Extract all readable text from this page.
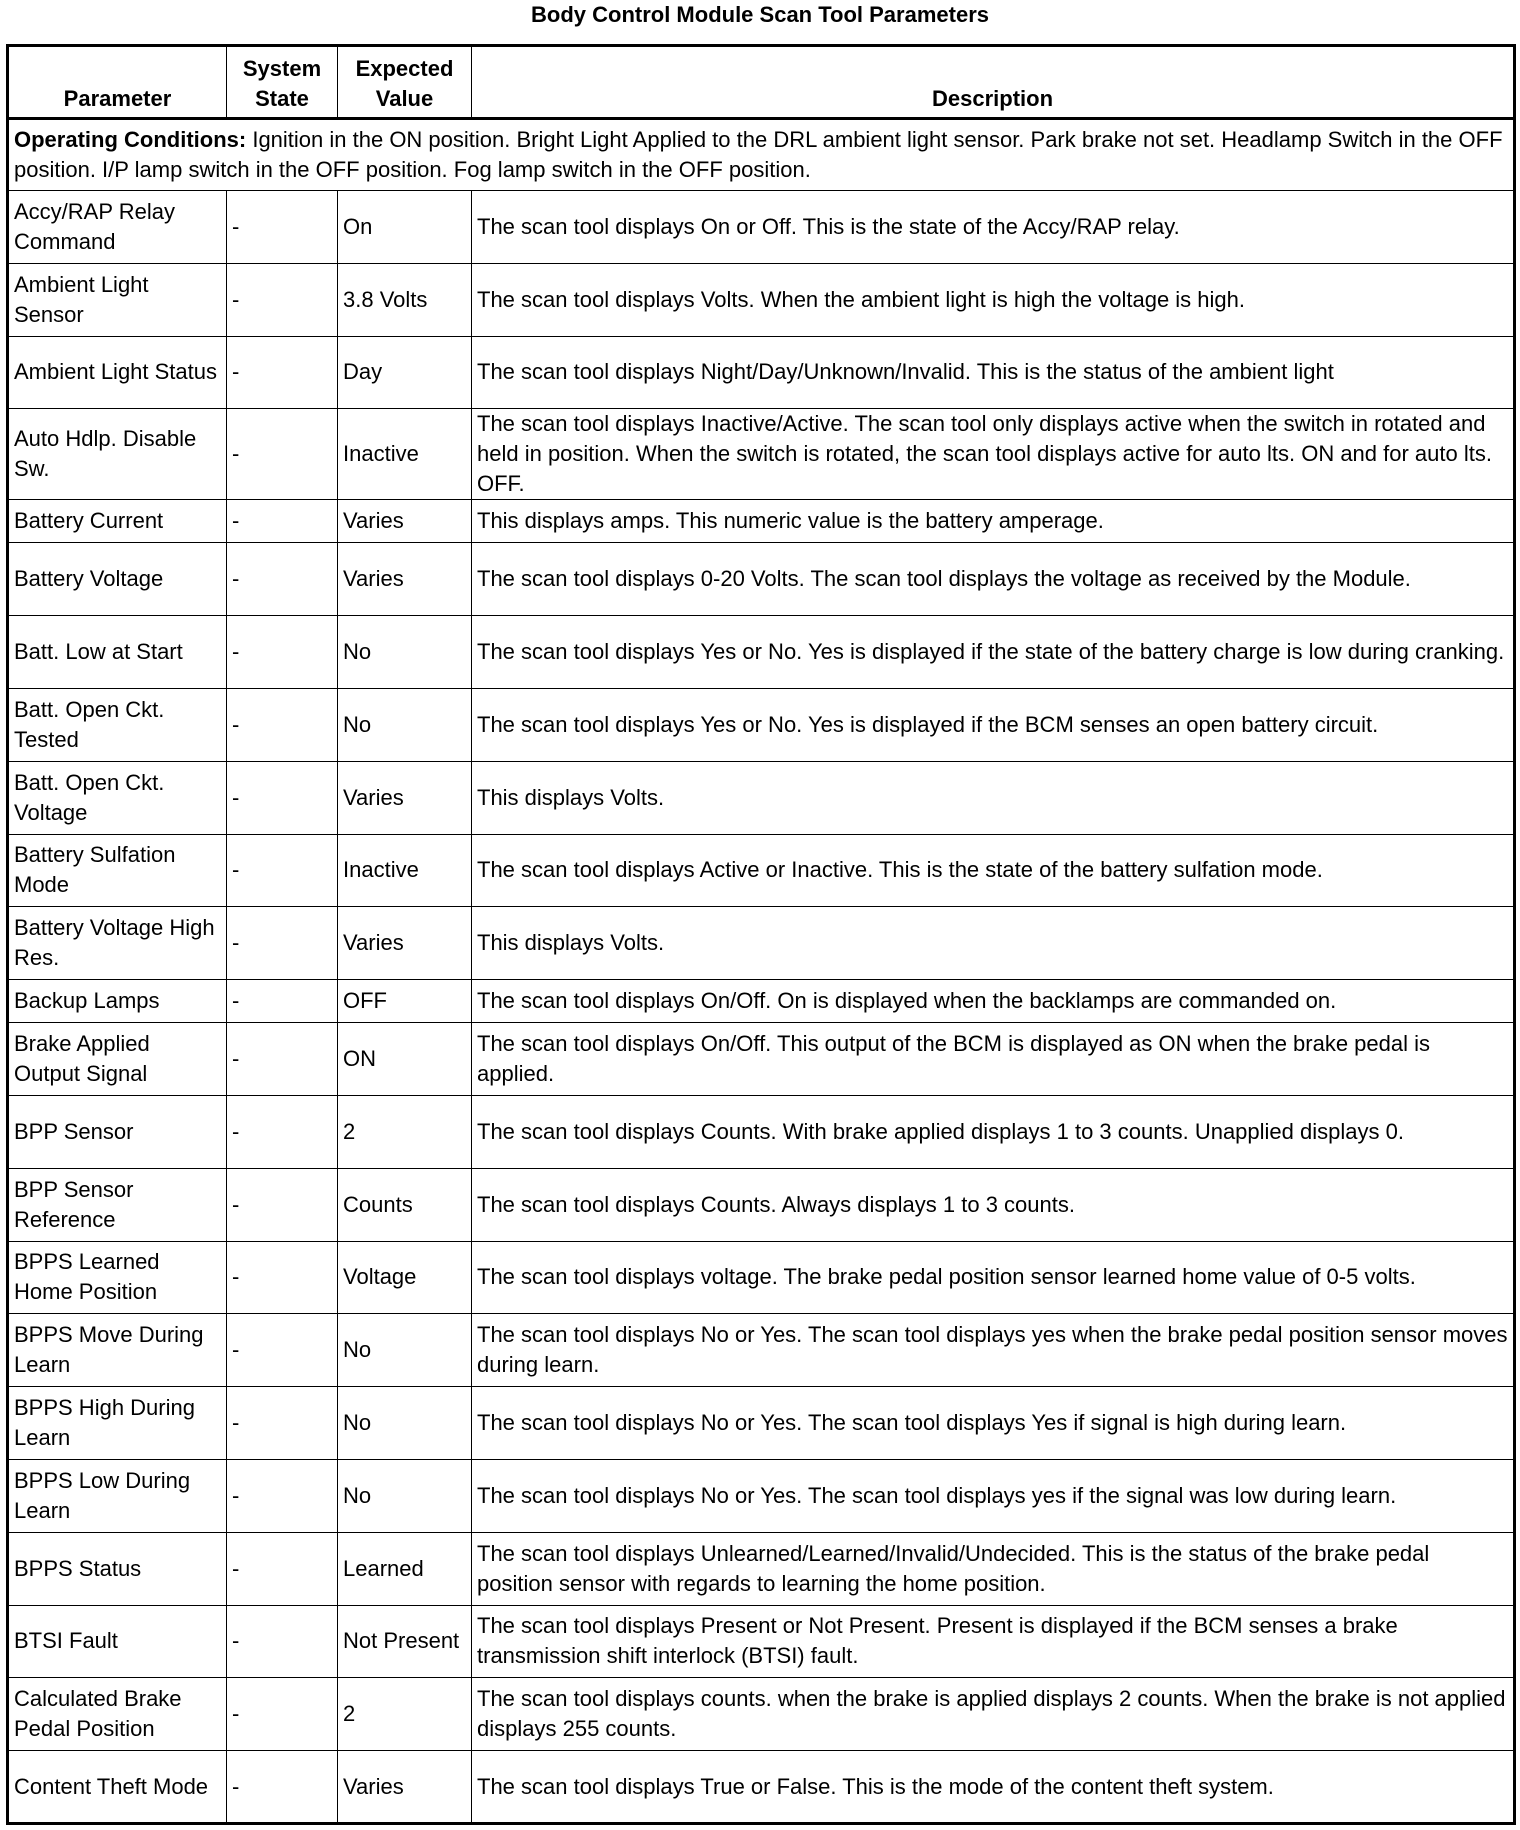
Body Control Module Scan Tool Parameters
Parameter	System State	Expected Value	Description
Operating Conditions: Ignition in the ON position. Bright Light Applied to the DRL ambient light sensor. Park brake not set. Headlamp Switch in the OFF position. I/P lamp switch in the OFF position. Fog lamp switch in the OFF position.			
Accy/RAP Relay Command	-	On	The scan tool displays On or Off. This is the state of the Accy/RAP relay.
Ambient Light Sensor	-	3.8 Volts	The scan tool displays Volts. When the ambient light is high the voltage is high.
Ambient Light Status	-	Day	The scan tool displays Night/Day/Unknown/Invalid. This is the status of the ambient light
Auto Hdlp. Disable Sw.	-	Inactive	The scan tool displays Inactive/Active. The scan tool only displays active when the switch in rotated and held in position. When the switch is rotated, the scan tool displays active for auto lts. ON and for auto lts. OFF.
Battery Current	-	Varies	This displays amps. This numeric value is the battery amperage.
Battery Voltage	-	Varies	The scan tool displays 0-20 Volts. The scan tool displays the voltage as received by the Module.
Batt. Low at Start	-	No	The scan tool displays Yes or No. Yes is displayed if the state of the battery charge is low during cranking.
Batt. Open Ckt. Tested	-	No	The scan tool displays Yes or No. Yes is displayed if the BCM senses an open battery circuit.
Batt. Open Ckt. Voltage	-	Varies	This displays Volts.
Battery Sulfation Mode	-	Inactive	The scan tool displays Active or Inactive. This is the state of the battery sulfation mode.
Battery Voltage High Res.	-	Varies	This displays Volts.
Backup Lamps	-	OFF	The scan tool displays On/Off. On is displayed when the backlamps are commanded on.
Brake Applied Output Signal	-	ON	The scan tool displays On/Off. This output of the BCM is displayed as ON when the brake pedal is applied.
BPP Sensor	-	2	The scan tool displays Counts. With brake applied displays 1 to 3 counts. Unapplied displays 0.
BPP Sensor Reference	-	Counts	The scan tool displays Counts. Always displays 1 to 3 counts.
BPPS Learned Home Position	-	Voltage	The scan tool displays voltage. The brake pedal position sensor learned home value of 0-5 volts.
BPPS Move During Learn	-	No	The scan tool displays No or Yes. The scan tool displays yes when the brake pedal position sensor moves during learn.
BPPS High During Learn	-	No	The scan tool displays No or Yes. The scan tool displays Yes if signal is high during learn.
BPPS Low During Learn	-	No	The scan tool displays No or Yes. The scan tool displays yes if the signal was low during learn.
BPPS Status	-	Learned	The scan tool displays Unlearned/Learned/Invalid/Undecided. This is the status of the brake pedal position sensor with regards to learning the home position.
BTSI Fault	-	Not Present	The scan tool displays Present or Not Present. Present is displayed if the BCM senses a brake transmission shift interlock (BTSI) fault.
Calculated Brake Pedal Position	-	2	The scan tool displays counts. when the brake is applied displays 2 counts. When the brake is not applied displays 255 counts.
Content Theft Mode	-	Varies	The scan tool displays True or False. This is the mode of the content theft system.
